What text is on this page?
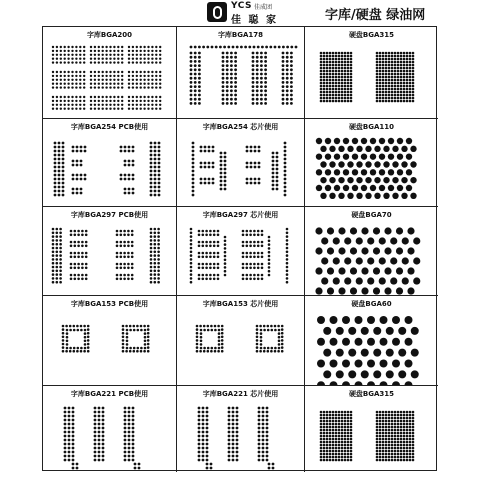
YCS 佳成团
佳 聪 家	字库/硬盘 绿油网
字库BGA200	字库BGA178	硬盘BGA315
字库BGA254 PCB使用	字库BGA254 芯片使用	硬盘BGA110
字库BGA297 PCB使用	字库BGA297 芯片使用	硬盘BGA70
字库BGA153 PCB使用	字库BGA153 芯片使用	硬盘BGA60
字库BGA221 PCB使用	字库BGA221 芯片使用	硬盘BGA315
